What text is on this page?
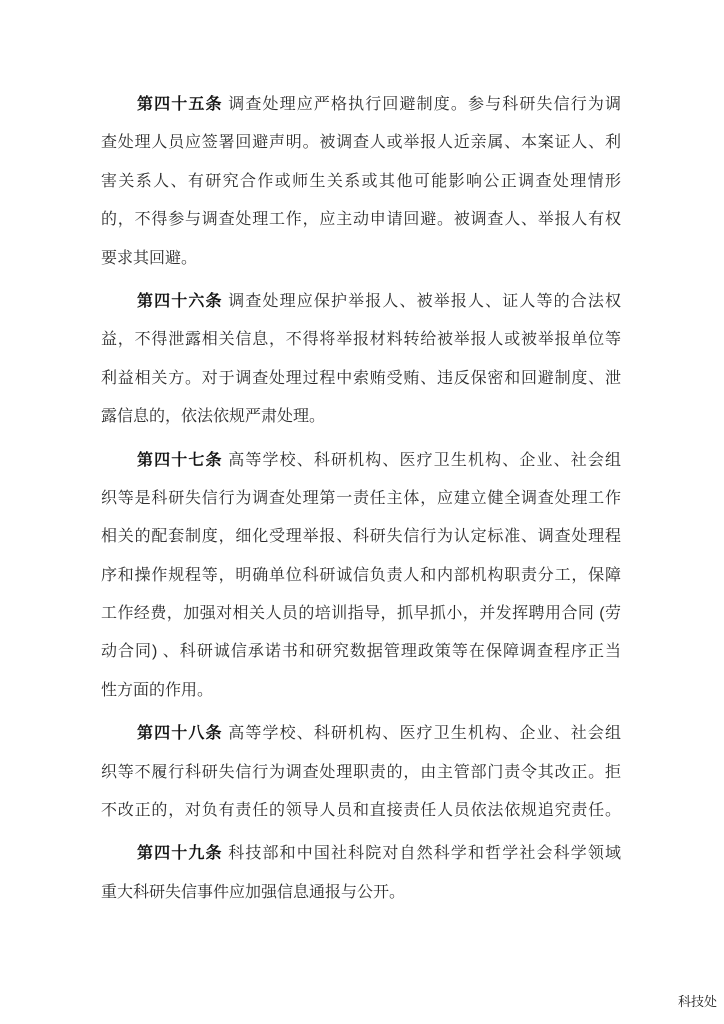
第四十五条 调查处理应严格执行回避制度。参与科研失信行为调
查处理人员应签署回避声明。被调查人或举报人近亲属、本案证人、利
害关系人、有研究合作或师生关系或其他可能影响公正调查处理情形
的，不得参与调查处理工作，应主动申请回避。被调查人、举报人有权
要求其回避。
第四十六条 调查处理应保护举报人、被举报人、证人等的合法权
益，不得泄露相关信息，不得将举报材料转给被举报人或被举报单位等
利益相关方。对于调查处理过程中索贿受贿、违反保密和回避制度、泄
露信息的，依法依规严肃处理。
第四十七条 高等学校、科研机构、医疗卫生机构、企业、社会组
织等是科研失信行为调查处理第一责任主体，应建立健全调查处理工作
相关的配套制度，细化受理举报、科研失信行为认定标准、调查处理程
序和操作规程等，明确单位科研诚信负责人和内部机构职责分工，保障
工作经费，加强对相关人员的培训指导，抓早抓小，并发挥聘用合同 (劳
动合同) 、科研诚信承诺书和研究数据管理政策等在保障调查程序正当
性方面的作用。
第四十八条 高等学校、科研机构、医疗卫生机构、企业、社会组
织等不履行科研失信行为调查处理职责的，由主管部门责令其改正。拒
不改正的，对负有责任的领导人员和直接责任人员依法依规追究责任。
第四十九条 科技部和中国社科院对自然科学和哲学社会科学领域
重大科研失信事件应加强信息通报与公开。
科技处
